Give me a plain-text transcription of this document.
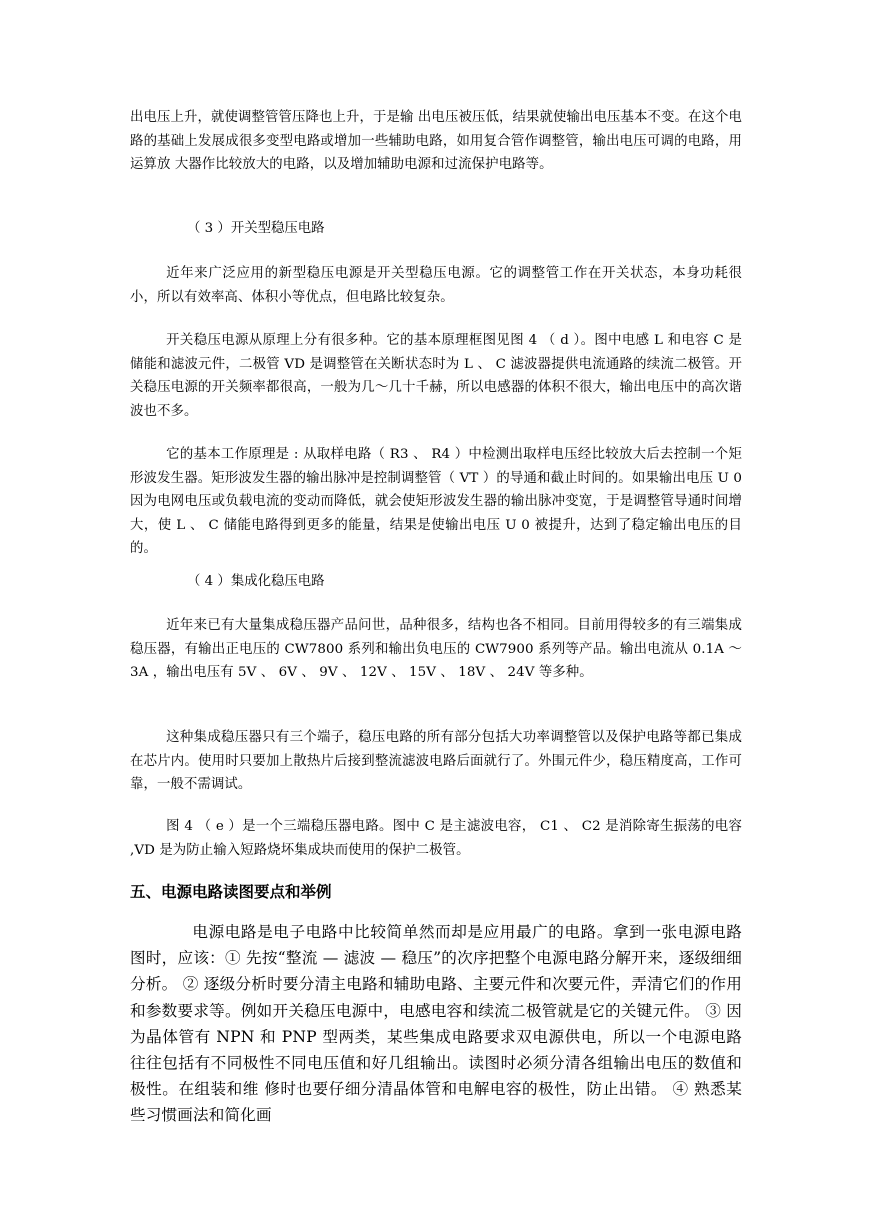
出电压上升，就使调整管管压降也上升，于是输 出电压被压低，结果就使输出电压基本不变。在这个电路的基础上发展成很多变型电路或增加一些辅助电路，如用复合管作调整管，输出电压可调的电路，用运算放 大器作比较放大的电路，以及增加辅助电源和过流保护电路等。
（ 3 ）开关型稳压电路
近年来广泛应用的新型稳压电源是开关型稳压电源。它的调整管工作在开关状态，本身功耗很小，所以有效率高、体积小等优点，但电路比较复杂。
开关稳压电源从原理上分有很多种。它的基本原理框图见图 4 （ d ）。图中电感 L 和电容 C 是储能和滤波元件，二极管 VD 是调整管在关断状态时为 L 、 C 滤波器提供电流通路的续流二极管。开关稳压电源的开关频率都很高，一般为几～几十千赫，所以电感器的体积不很大，输出电压中的高次谐波也不多。
它的基本工作原理是 : 从取样电路（ R3 、 R4 ）中检测出取样电压经比较放大后去控制一个矩形波发生器。矩形波发生器的输出脉冲是控制调整管（ VT ）的导通和截止时间的。如果输出电压 U 0 因为电网电压或负载电流的变动而降低，就会使矩形波发生器的输出脉冲变宽，于是调整管导通时间增大，使 L 、 C 储能电路得到更多的能量，结果是使输出电压 U 0 被提升，达到了稳定输出电压的目的。
（ 4 ）集成化稳压电路
近年来已有大量集成稳压器产品问世，品种很多，结构也各不相同。目前用得较多的有三端集成稳压器，有输出正电压的 CW7800 系列和输出负电压的 CW7900 系列等产品。输出电流从 0.1A ～ 3A ，输出电压有 5V 、 6V 、 9V 、 12V 、 15V 、 18V 、 24V 等多种。
这种集成稳压器只有三个端子，稳压电路的所有部分包括大功率调整管以及保护电路等都已集成在芯片内。使用时只要加上散热片后接到整流滤波电路后面就行了。外围元件少，稳压精度高，工作可靠，一般不需调试。
图 4 （ e ）是一个三端稳压器电路。图中 C 是主滤波电容， C1 、 C2 是消除寄生振荡的电容 ,VD 是为防止输入短路烧坏集成块而使用的保护二极管。
五、电源电路读图要点和举例
电源电路是电子电路中比较简单然而却是应用最广的电路。拿到一张电源电路图时，应该：① 先按“整流 — 滤波 — 稳压”的次序把整个电源电路分解开来，逐级细细分析。 ② 逐级分析时要分清主电路和辅助电路、主要元件和次要元件，弄清它们的作用和参数要求等。例如开关稳压电源中，电感电容和续流二极管就是它的关键元件。 ③ 因为晶体管有 NPN 和 PNP 型两类，某些集成电路要求双电源供电，所以一个电源电路往往包括有不同极性不同电压值和好几组输出。读图时必须分清各组输出电压的数值和极性。在组装和维 修时也要仔细分清晶体管和电解电容的极性，防止出错。 ④ 熟悉某些习惯画法和简化画
